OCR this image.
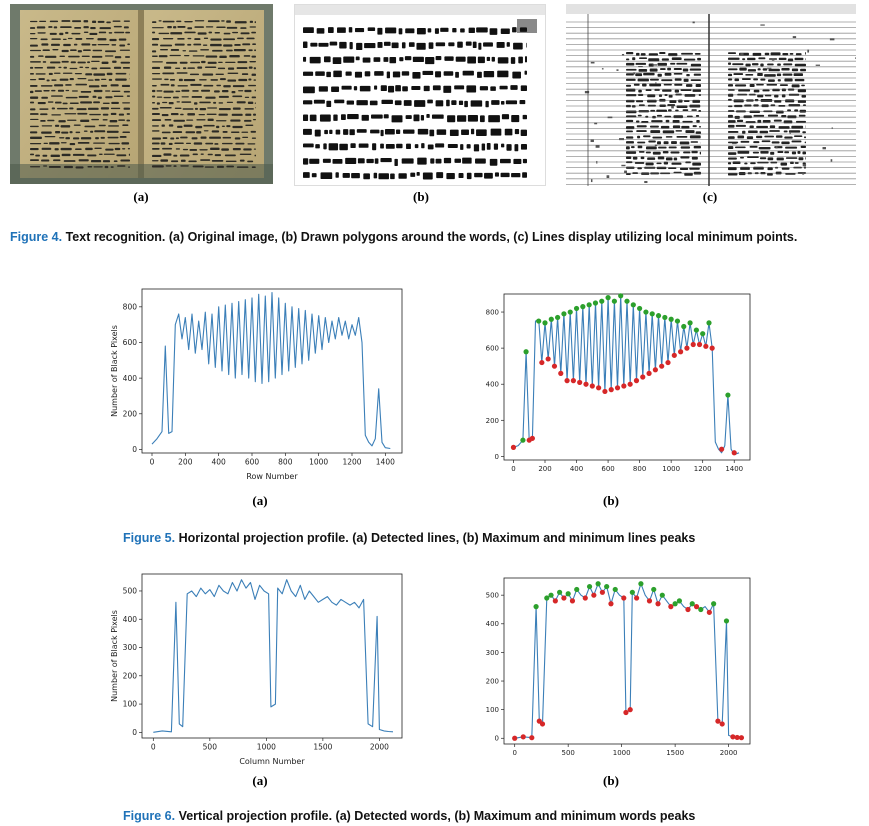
(a)	(b)	(c)
Figure 4. Text recognition. (a) Original image, (b) Drawn polygons around the words, (c) Lines display utilizing local minimum points.
0	200	400	600	800 1000 1200 1400
0
200
400
600
800
Row Number
Number of Black Pixels
(a)
0	200	400	600	800 1000 1200 1400
0
200
400
600
800
(b)
Figure 5. Horizontal projection profile. (a) Detected lines, (b) Maximum and minimum lines peaks
0	500	1000	1500	2000
0
100
200
300
400
500
Column Number
Number of Black Pixels
(a)
0	500	1000	1500	2000
0
100
200
300
400
500
(b)
Figure 6. Vertical projection profile. (a) Detected words, (b) Maximum and minimum words peaks
